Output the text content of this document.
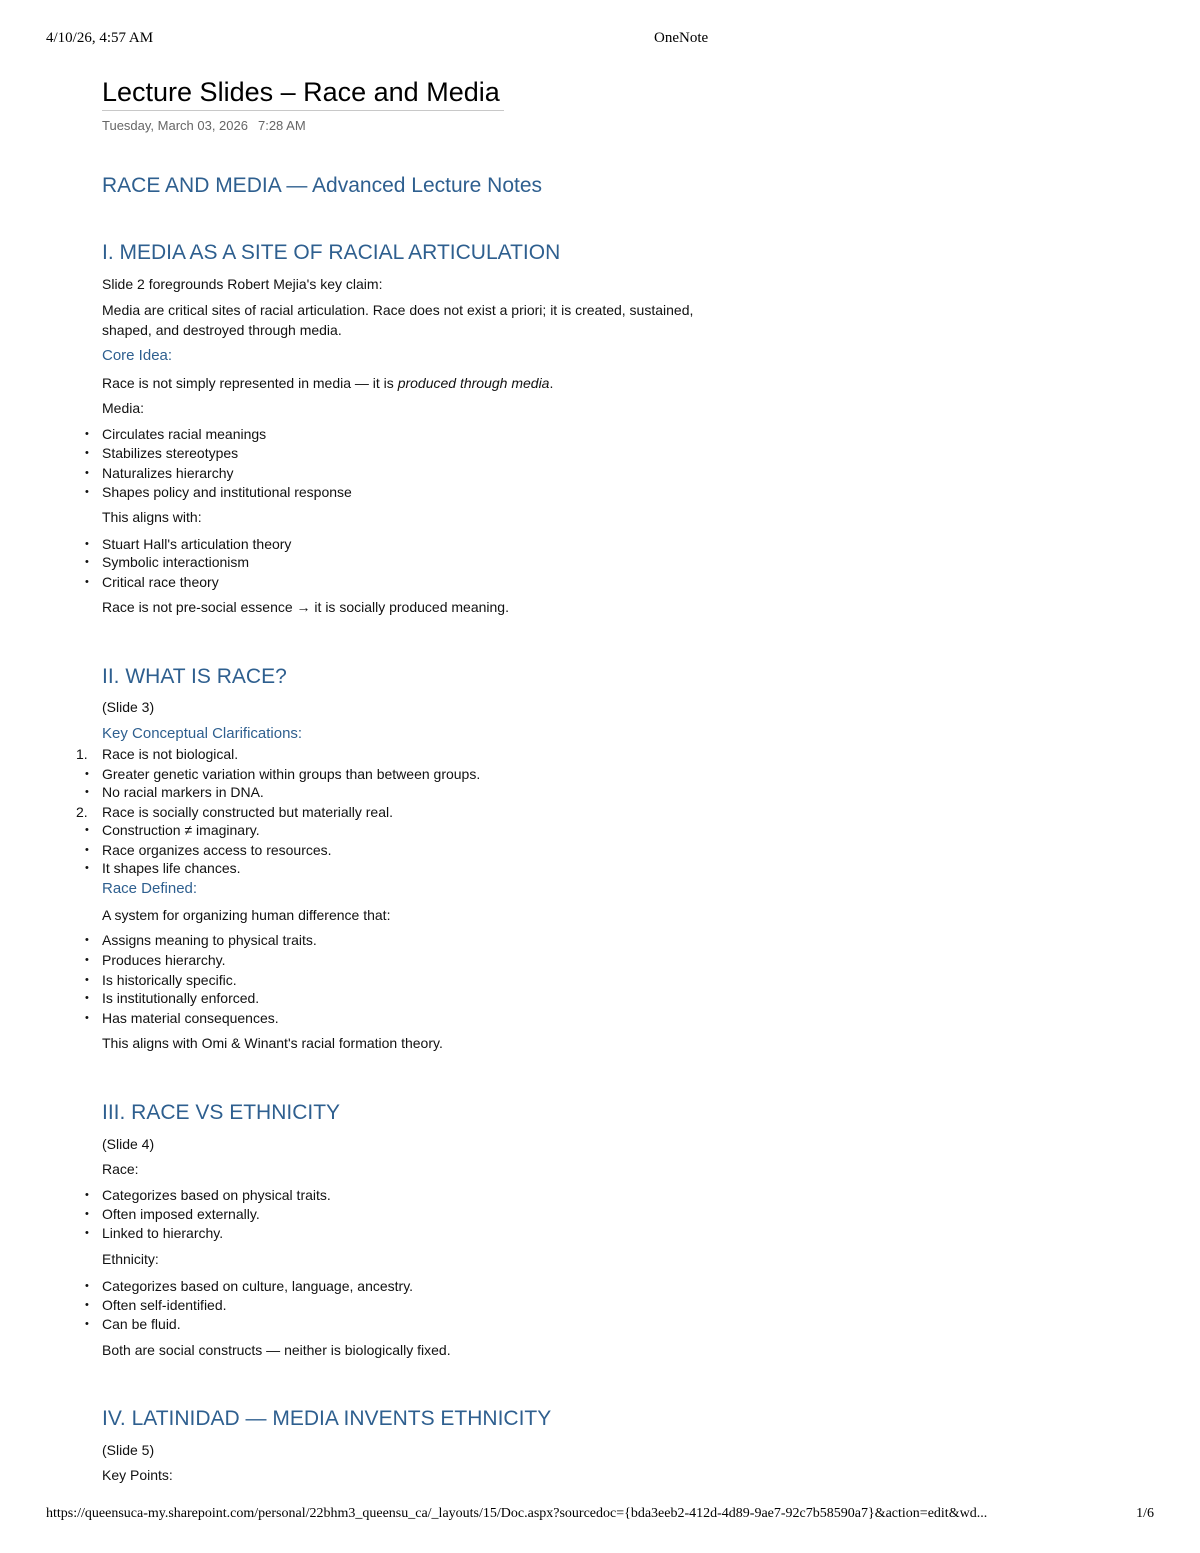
4/10/26, 4:57 AM	OneNote
Lecture Slides – Race and Media
Tuesday, March 03, 2026 7:28 AM
RACE AND MEDIA — Advanced Lecture Notes
I. MEDIA AS A SITE OF RACIAL ARTICULATION
Slide 2 foregrounds Robert Mejia's key claim:
Media are critical sites of racial articulation. Race does not exist a priori; it is created, sustained, shaped, and destroyed through media.
Core Idea:
Race is not simply represented in media — it is produced through media.
Media:
• Circulates racial meanings
• Stabilizes stereotypes
• Naturalizes hierarchy
• Shapes policy and institutional response
This aligns with:
• Stuart Hall's articulation theory
• Symbolic interactionism
• Critical race theory
Race is not pre-social essence → it is socially produced meaning.
II. WHAT IS RACE?
(Slide 3)
Key Conceptual Clarifications:
1. Race is not biological.
• Greater genetic variation within groups than between groups.
• No racial markers in DNA.
2. Race is socially constructed but materially real.
• Construction ≠ imaginary.
• Race organizes access to resources.
• It shapes life chances.
Race Defined:
A system for organizing human difference that:
• Assigns meaning to physical traits.
• Produces hierarchy.
• Is historically specific.
• Is institutionally enforced.
• Has material consequences.
This aligns with Omi & Winant's racial formation theory.
III. RACE VS ETHNICITY
(Slide 4)
Race:
• Categorizes based on physical traits.
• Often imposed externally.
• Linked to hierarchy.
Ethnicity:
• Categorizes based on culture, language, ancestry.
• Often self-identified.
• Can be fluid.
Both are social constructs — neither is biologically fixed.
IV. LATINIDAD — MEDIA INVENTS ETHNICITY
(Slide 5)
Key Points:
https://queensuca-my.sharepoint.com/personal/22bhm3_queensu_ca/_layouts/15/Doc.aspx?sourcedoc={bda3eeb2-412d-4d89-9ae7-92c7b58590a7}&action=edit&wd...	1/6
